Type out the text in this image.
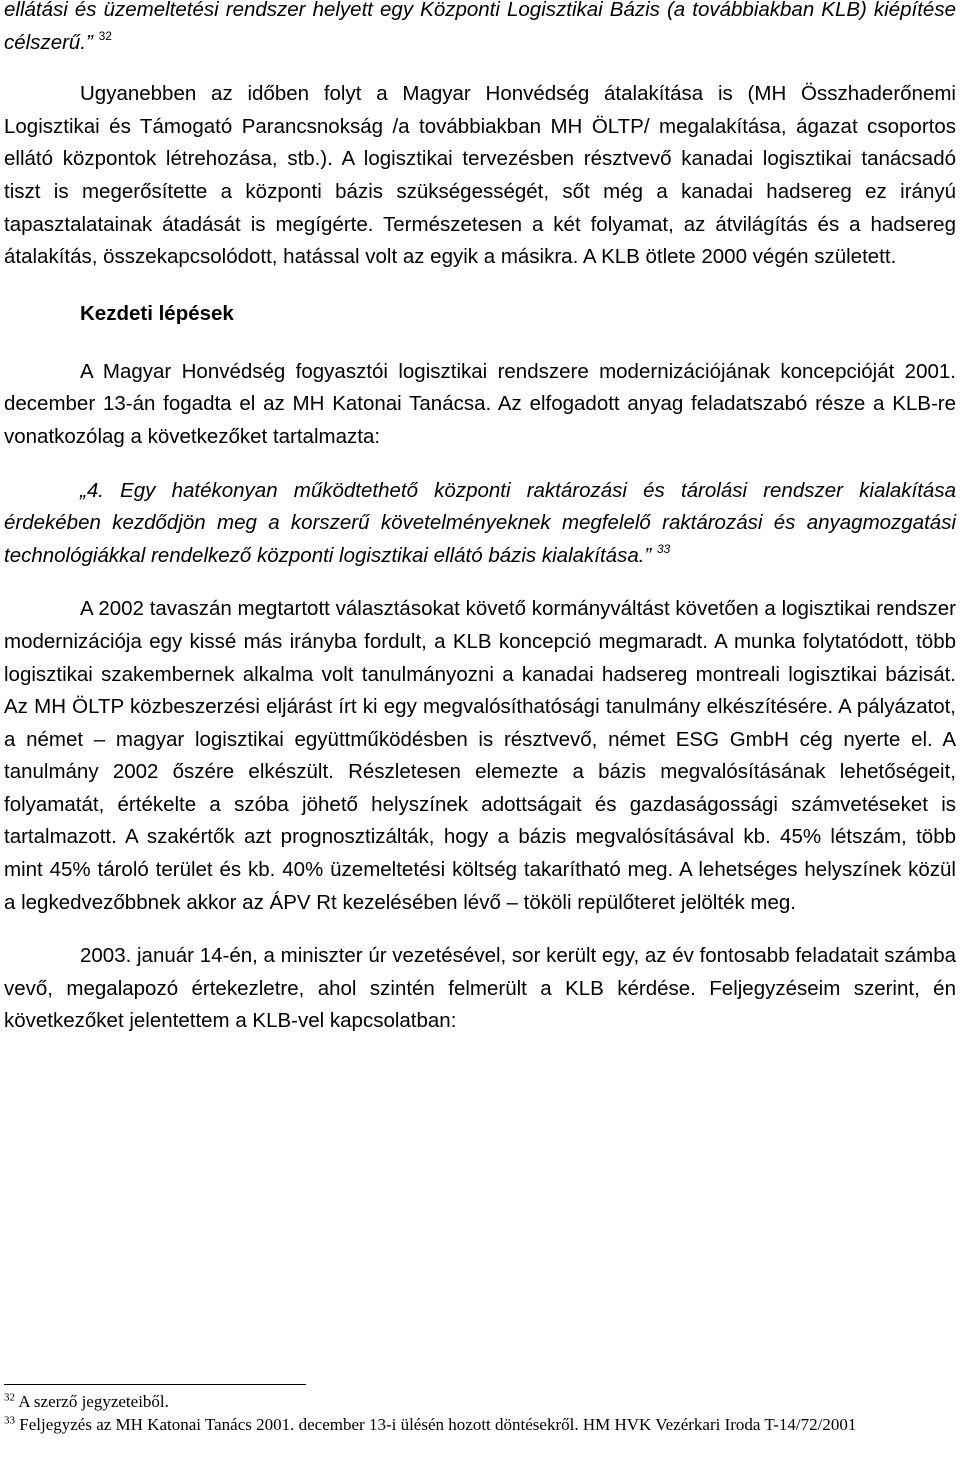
ellátási és üzemeltetési rendszer helyett egy Központi Logisztikai Bázis (a továbbiakban KLB) kiépítése célszerű.” $^{32}$

Ugyanebben az időben folyt a Magyar Honvédség átalakítása is (MH Összhaderőnemi Logisztikai és Támogató Parancsnokság /a továbbiakban MH ÖLTP/ megalakítása, ágazat csoportos ellátó központok létrehozása, stb.). A logisztikai tervezésben résztvevő kanadai logisztikai tanácsadó tiszt is megerősítette a központi bázis szükségességét, sőt még a kanadai hadsereg ez irányú tapasztalatainak átadását is megígérte. Természetesen a két folyamat, az átvilágítás és a hadsereg átalakítás, összekapcsolódott, hatással volt az egyik a másikra. A KLB ötlete 2000 végén született.

Kezdeti lépések

A Magyar Honvédség fogyasztói logisztikai rendszere modernizációjának koncepcióját 2001. december 13-án fogadta el az MH Katonai Tanácsa. Az elfogadott anyag feladatszabó része a KLB-re vonatkozólag a következőket tartalmazta:

„4. Egy hatékonyan működtethető központi raktározási és tárolási rendszer kialakítása érdekében kezdődjön meg a korszerű követelményeknek megfelelő raktározási és anyagmozgatási technológiákkal rendelkező központi logisztikai ellátó bázis kialakítása.” $^{33}$

A 2002 tavaszán megtartott választásokat követő kormányváltást követően a logisztikai rendszer modernizációja egy kissé más irányba fordult, a KLB koncepció megmaradt. A munka folytatódott, több logisztikai szakembernek alkalma volt tanulmányozni a kanadai hadsereg montreali logisztikai bázisát. Az MH ÖLTP közbeszerzési eljárást írt ki egy megvalósíthatósági tanulmány elkészítésére. A pályázatot, a német – magyar logisztikai együttműködésben is résztvevő, német ESG GmbH cég nyerte el. A tanulmány 2002 őszére elkészült. Részletesen elemezte a bázis megvalósításának lehetőségeit, folyamatát, értékelte a szóba jöhető helyszínek adottságait és gazdaságossági számvetéseket is tartalmazott. A szakértők azt prognosztizálták, hogy a bázis megvalósításával kb. 45% létszám, több mint 45% tároló terület és kb. 40% üzemeltetési költség takarítható meg. A lehetséges helyszínek közül a legkedvezőbbnek akkor az ÁPV Rt kezelésében lévő – tököli repülőteret jelölték meg.

2003. január 14-én, a miniszter úr vezetésével, sor került egy, az év fontosabb feladatait számba vevő, megalapozó értekezletre, ahol szintén felmerült a KLB kérdése. Feljegyzéseim szerint, én következőket jelentettem a KLB-vel kapcsolatban:

$^{32}$ A szerző jegyzeteiből.

$^{33}$ Feljegyzés az MH Katonai Tanács 2001. december 13-i ülésén hozott döntésekről. HM HVK Vezérkari Iroda T-14/72/2001
